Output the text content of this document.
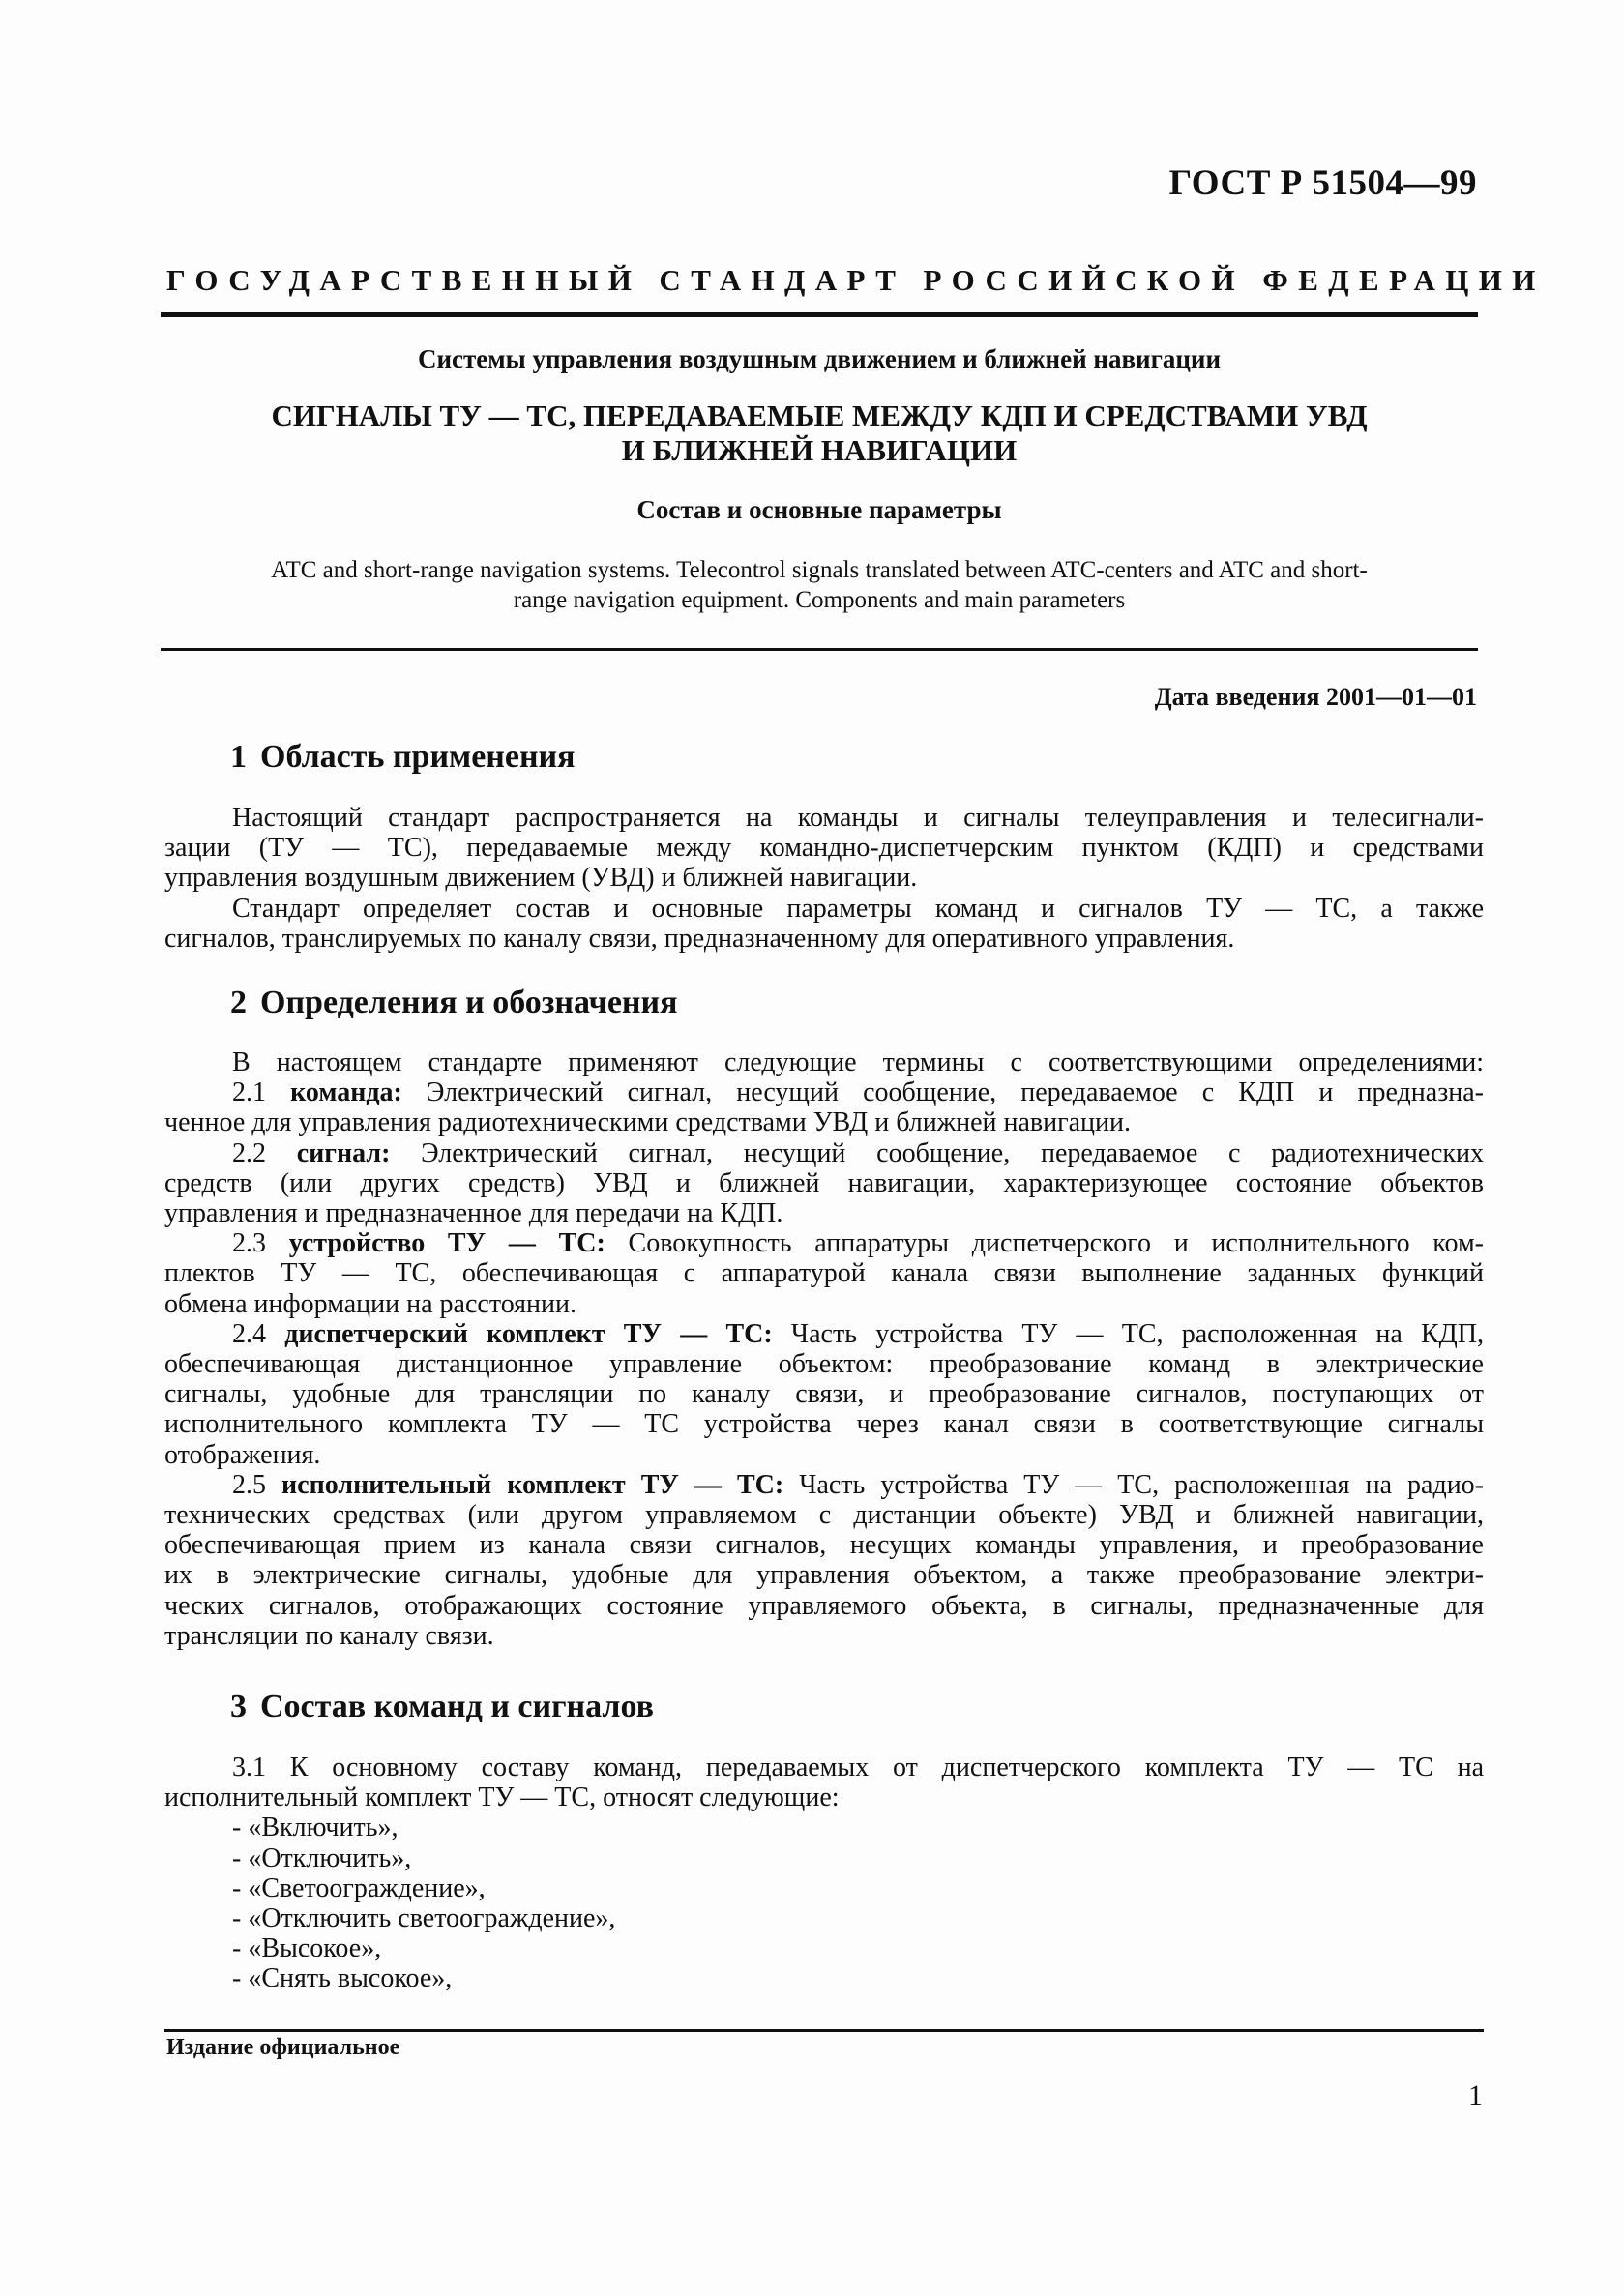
ГОСТ Р 51504—99
ГОСУДАРСТВЕННЫЙ СТАНДАРТ РОССИЙСКОЙ ФЕДЕРАЦИИ
Системы управления воздушным движением и ближней навигации
СИГНАЛЫ ТУ — ТС, ПЕРЕДАВАЕМЫЕ МЕЖДУ КДП И СРЕДСТВАМИ УВД
И БЛИЖНЕЙ НАВИГАЦИИ
Состав и основные параметры
ATC and short-range navigation systems. Telecontrol signals translated between ATC-centers and ATC and short-
range navigation equipment. Components and main parameters
Дата введения 2001—01—01
1 Область применения
Настоящий стандарт распространяется на команды и сигналы телеуправления и телесигнали-
зации (ТУ — ТС), передаваемые между командно-диспетчерским пунктом (КДП) и средствами
управления воздушным движением (УВД) и ближней навигации.
Стандарт определяет состав и основные параметры команд и сигналов ТУ — ТС, а также
сигналов, транслируемых по каналу связи, предназначенному для оперативного управления.
2 Определения и обозначения
В настоящем стандарте применяют следующие термины с соответствующими определениями:
2.1 команда: Электрический сигнал, несущий сообщение, передаваемое с КДП и предназна-
ченное для управления радиотехническими средствами УВД и ближней навигации.
2.2 сигнал: Электрический сигнал, несущий сообщение, передаваемое с радиотехнических
средств (или других средств) УВД и ближней навигации, характеризующее состояние объектов
управления и предназначенное для передачи на КДП.
2.3 устройство ТУ — ТС: Совокупность аппаратуры диспетчерского и исполнительного ком-
плектов ТУ — ТС, обеспечивающая с аппаратурой канала связи выполнение заданных функций
обмена информации на расстоянии.
2.4 диспетчерский комплект ТУ — ТС: Часть устройства ТУ — ТС, расположенная на КДП,
обеспечивающая дистанционное управление объектом: преобразование команд в электрические
сигналы, удобные для трансляции по каналу связи, и преобразование сигналов, поступающих от
исполнительного комплекта ТУ — ТС устройства через канал связи в соответствующие сигналы
отображения.
2.5 исполнительный комплект ТУ — ТС: Часть устройства ТУ — ТС, расположенная на радио-
технических средствах (или другом управляемом с дистанции объекте) УВД и ближней навигации,
обеспечивающая прием из канала связи сигналов, несущих команды управления, и преобразование
их в электрические сигналы, удобные для управления объектом, а также преобразование электри-
ческих сигналов, отображающих состояние управляемого объекта, в сигналы, предназначенные для
трансляции по каналу связи.
3 Состав команд и сигналов
3.1 К основному составу команд, передаваемых от диспетчерского комплекта ТУ — ТС на
исполнительный комплект ТУ — ТС, относят следующие:
- «Включить»,
- «Отключить»,
- «Светоограждение»,
- «Отключить светоограждение»,
- «Высокое»,
- «Снять высокое»,
Издание официальное
1
